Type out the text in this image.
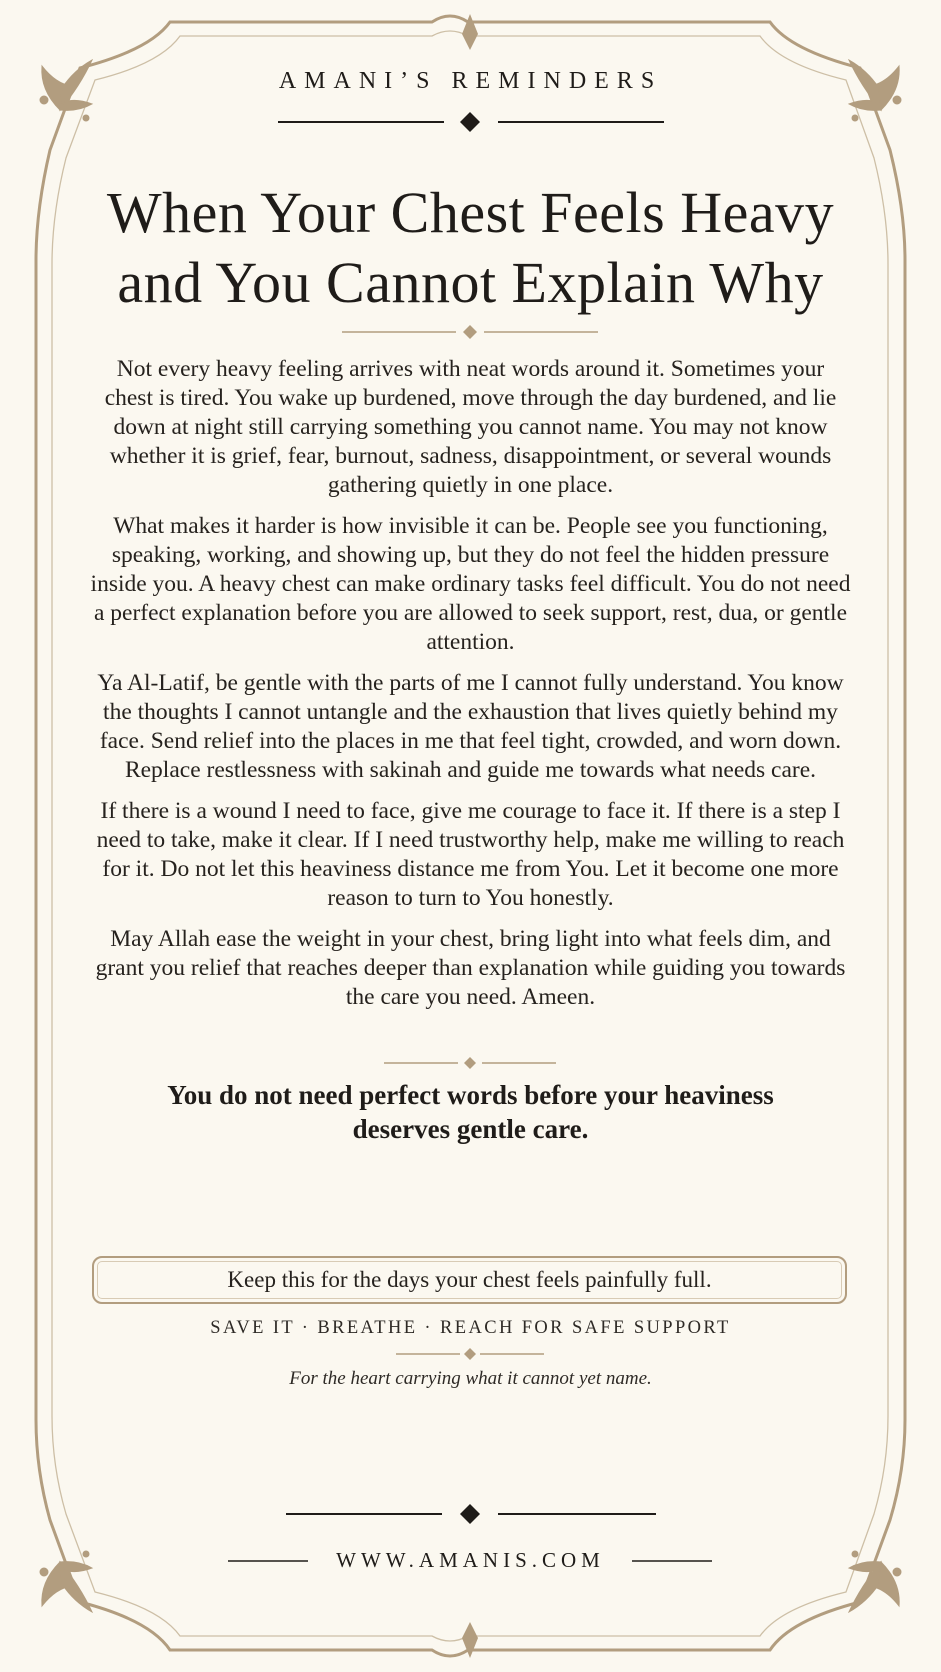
AMANI’S REMINDERS
When Your Chest Feels Heavy and You Cannot Explain Why

Not every heavy feeling arrives with neat words around it. Sometimes your chest is tired. You wake up burdened, move through the day burdened, and lie down at night still carrying something you cannot name. You may not know whether it is grief, fear, burnout, sadness, disappointment, or several wounds gathering quietly in one place.

What makes it harder is how invisible it can be. People see you functioning, speaking, working, and showing up, but they do not feel the hidden pressure inside you. A heavy chest can make ordinary tasks feel difficult. You do not need a perfect explanation before you are allowed to seek support, rest, dua, or gentle attention.

Ya Al-Latif, be gentle with the parts of me I cannot fully understand. You know the thoughts I cannot untangle and the exhaustion that lives quietly behind my face. Send relief into the places in me that feel tight, crowded, and worn down. Replace restlessness with sakinah and guide me towards what needs care.

If there is a wound I need to face, give me courage to face it. If there is a step I need to take, make it clear. If I need trustworthy help, make me willing to reach for it. Do not let this heaviness distance me from You. Let it become one more reason to turn to You honestly.

May Allah ease the weight in your chest, bring light into what feels dim, and grant you relief that reaches deeper than explanation while guiding you towards the care you need. Ameen.

You do not need perfect words before your heaviness deserves gentle care.

Keep this for the days your chest feels painfully full.
SAVE IT · BREATHE · REACH FOR SAFE SUPPORT
For the heart carrying what it cannot yet name.
WWW.AMANIS.COM
